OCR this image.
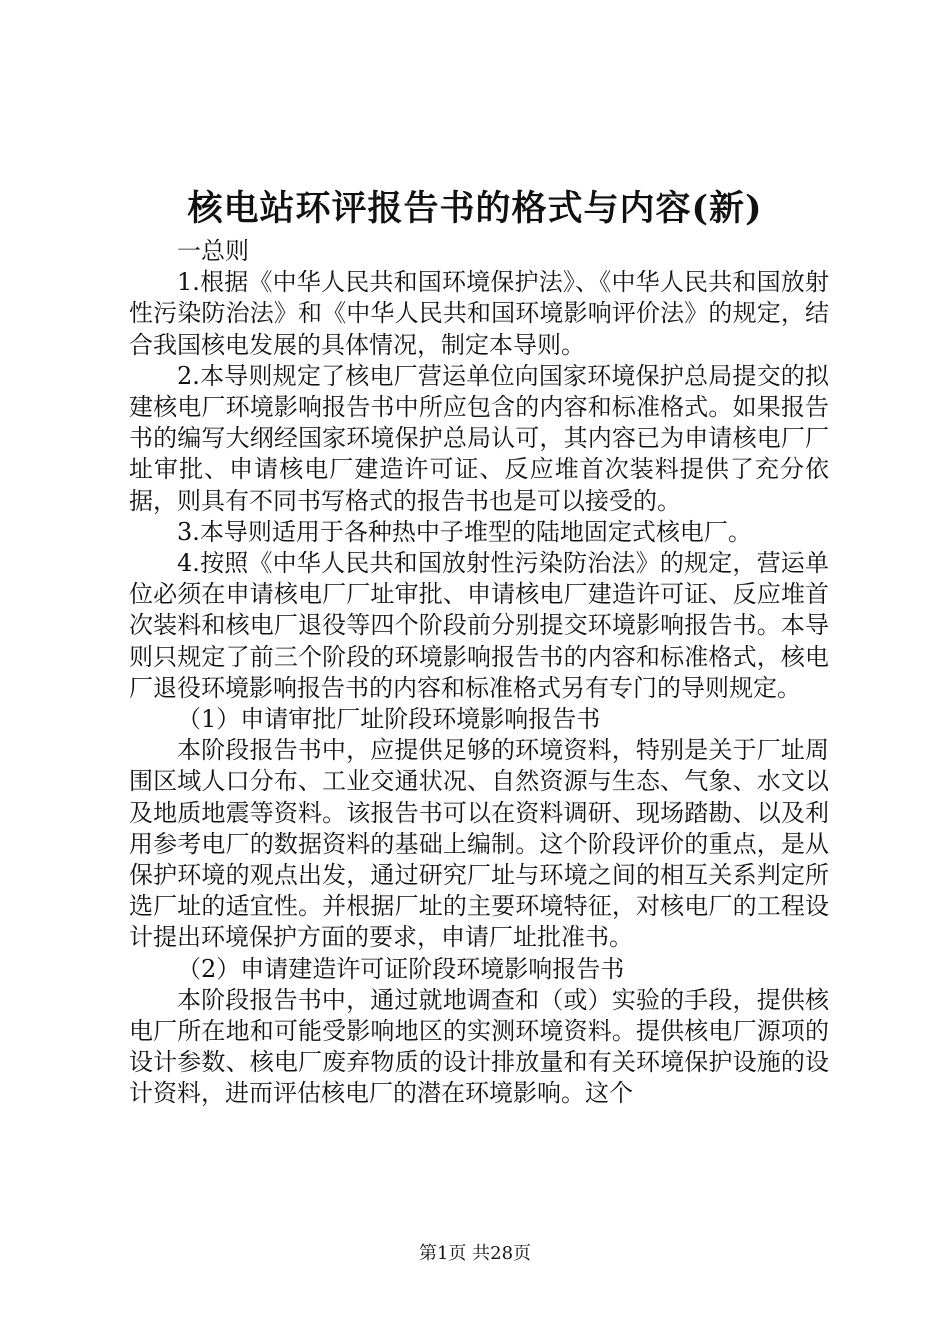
核电站环评报告书的格式与内容(新)

一总则

1.根据《中华人民共和国环境保护法》、《中华人民共和国放射性污染防治法》和《中华人民共和国环境影响评价法》的规定，结合我国核电发展的具体情况，制定本导则。

2.本导则规定了核电厂营运单位向国家环境保护总局提交的拟建核电厂环境影响报告书中所应包含的内容和标准格式。如果报告书的编写大纲经国家环境保护总局认可，其内容已为申请核电厂厂址审批、申请核电厂建造许可证、反应堆首次装料提供了充分依据，则具有不同书写格式的报告书也是可以接受的。

3.本导则适用于各种热中子堆型的陆地固定式核电厂。

4.按照《中华人民共和国放射性污染防治法》的规定，营运单位必须在申请核电厂厂址审批、申请核电厂建造许可证、反应堆首次装料和核电厂退役等四个阶段前分别提交环境影响报告书。本导则只规定了前三个阶段的环境影响报告书的内容和标准格式，核电厂退役环境影响报告书的内容和标准格式另有专门的导则规定。

（1）申请审批厂址阶段环境影响报告书

本阶段报告书中，应提供足够的环境资料，特别是关于厂址周围区域人口分布、工业交通状况、自然资源与生态、气象、水文以及地质地震等资料。该报告书可以在资料调研、现场踏勘、以及利用参考电厂的数据资料的基础上编制。这个阶段评价的重点，是从保护环境的观点出发，通过研究厂址与环境之间的相互关系判定所选厂址的适宜性。并根据厂址的主要环境特征，对核电厂的工程设计提出环境保护方面的要求，申请厂址批准书。

（2）申请建造许可证阶段环境影响报告书

本阶段报告书中，通过就地调查和（或）实验的手段，提供核电厂所在地和可能受影响地区的实测环境资料。提供核电厂源项的设计参数、核电厂废弃物质的设计排放量和有关环境保护设施的设计资料，进而评估核电厂的潜在环境影响。这个

第1页 共28页
